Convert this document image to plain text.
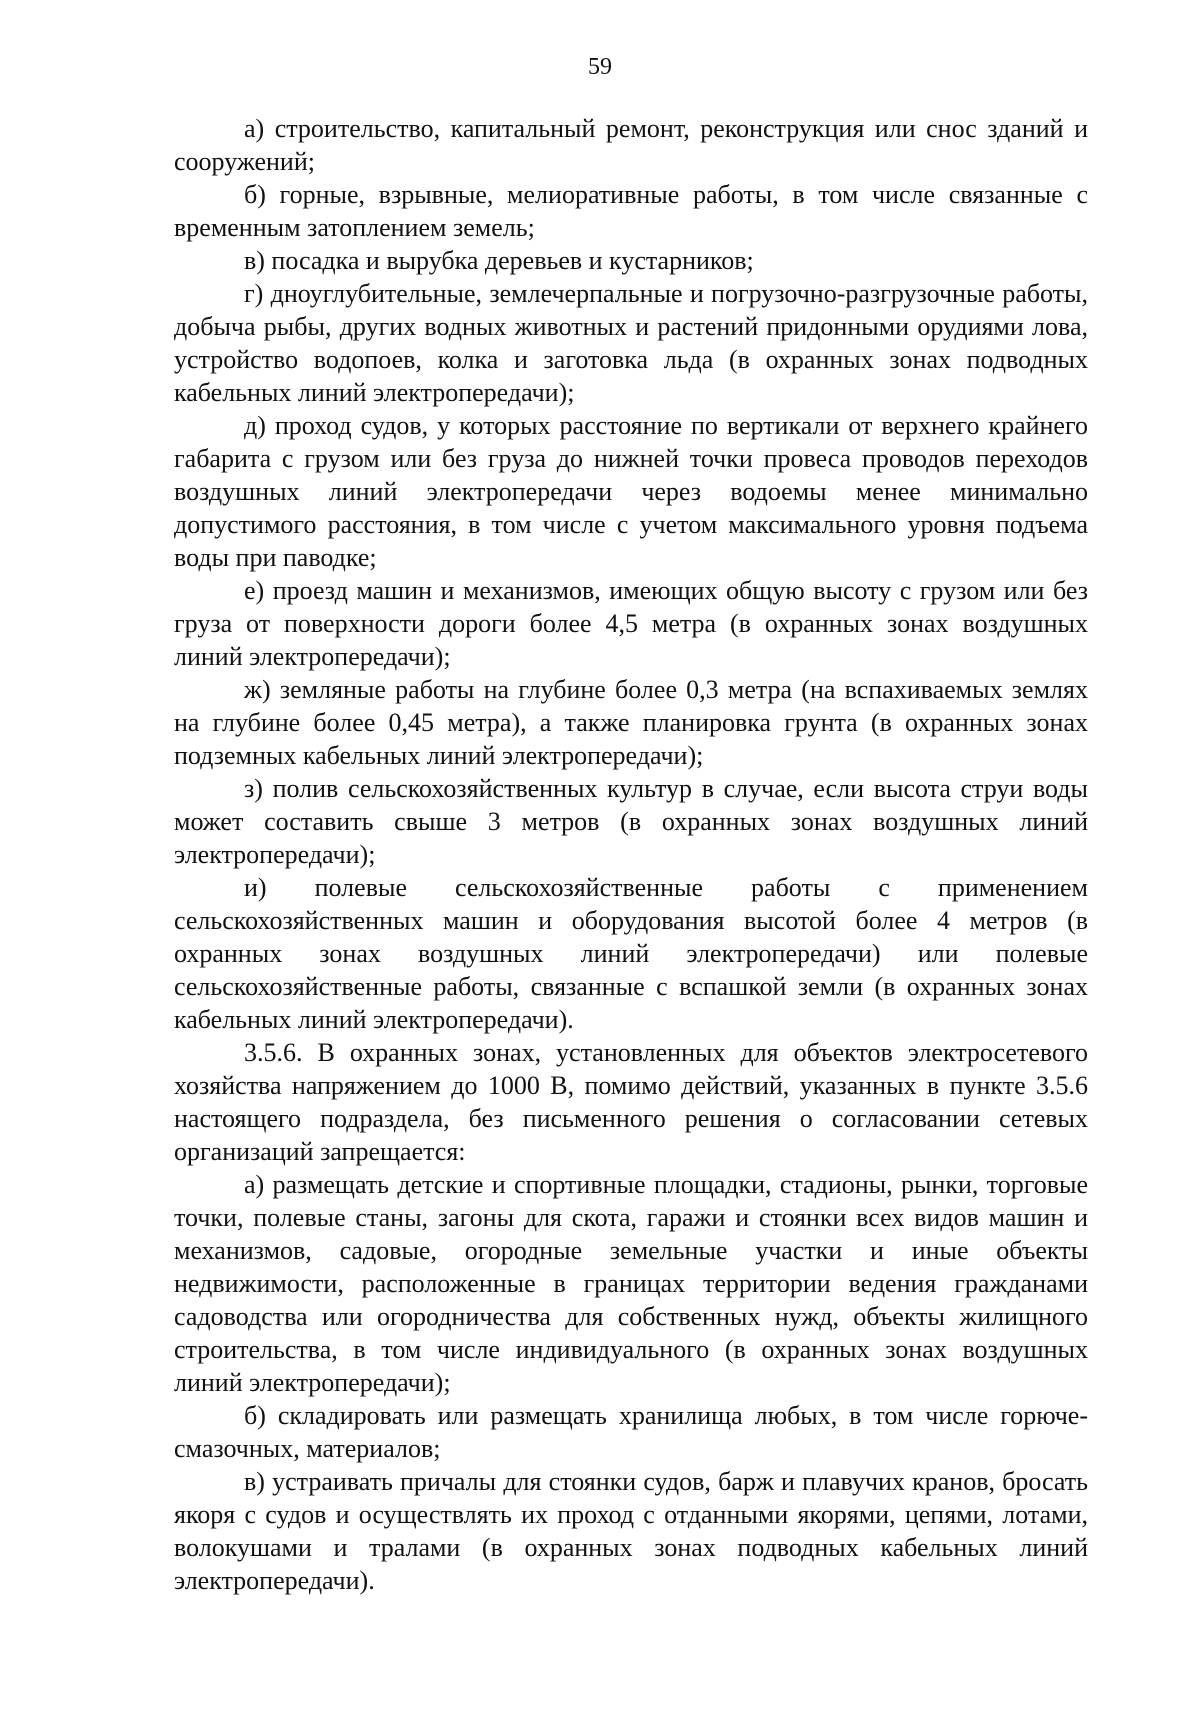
59

а) строительство, капитальный ремонт, реконструкция или снос зданий и сооружений;

б) горные, взрывные, мелиоративные работы, в том числе связанные с временным затоплением земель;

в) посадка и вырубка деревьев и кустарников;

г) дноуглубительные, землечерпальные и погрузочно-разгрузочные работы, добыча рыбы, других водных животных и растений придонными орудиями лова, устройство водопоев, колка и заготовка льда (в охранных зонах подводных кабельных линий электропередачи);

д) проход судов, у которых расстояние по вертикали от верхнего крайнего габарита с грузом или без груза до нижней точки провеса проводов переходов воздушных линий электропередачи через водоемы менее минимально допустимого расстояния, в том числе с учетом максимального уровня подъема воды при паводке;

е) проезд машин и механизмов, имеющих общую высоту с грузом или без груза от поверхности дороги более 4,5 метра (в охранных зонах воздушных линий электропередачи);

ж) земляные работы на глубине более 0,3 метра (на вспахиваемых землях на глубине более 0,45 метра), а также планировка грунта (в охранных зонах подземных кабельных линий электропередачи);

з) полив сельскохозяйственных культур в случае, если высота струи воды может составить свыше 3 метров (в охранных зонах воздушных линий электропередачи);

и) полевые сельскохозяйственные работы с применением сельскохозяйственных машин и оборудования высотой более 4 метров (в охранных зонах воздушных линий электропередачи) или полевые сельскохозяйственные работы, связанные с вспашкой земли (в охранных зонах кабельных линий электропередачи).

3.5.6. В охранных зонах, установленных для объектов электросетевого хозяйства напряжением до 1000 В, помимо действий, указанных в пункте 3.5.6 настоящего подраздела, без письменного решения о согласовании сетевых организаций запрещается:

а) размещать детские и спортивные площадки, стадионы, рынки, торговые точки, полевые станы, загоны для скота, гаражи и стоянки всех видов машин и механизмов, садовые, огородные земельные участки и иные объекты недвижимости, расположенные в границах территории ведения гражданами садоводства или огородничества для собственных нужд, объекты жилищного строительства, в том числе индивидуального (в охранных зонах воздушных линий электропередачи);

б) складировать или размещать хранилища любых, в том числе горюче-смазочных, материалов;

в) устраивать причалы для стоянки судов, барж и плавучих кранов, бросать якоря с судов и осуществлять их проход с отданными якорями, цепями, лотами, волокушами и тралами (в охранных зонах подводных кабельных линий электропередачи).
